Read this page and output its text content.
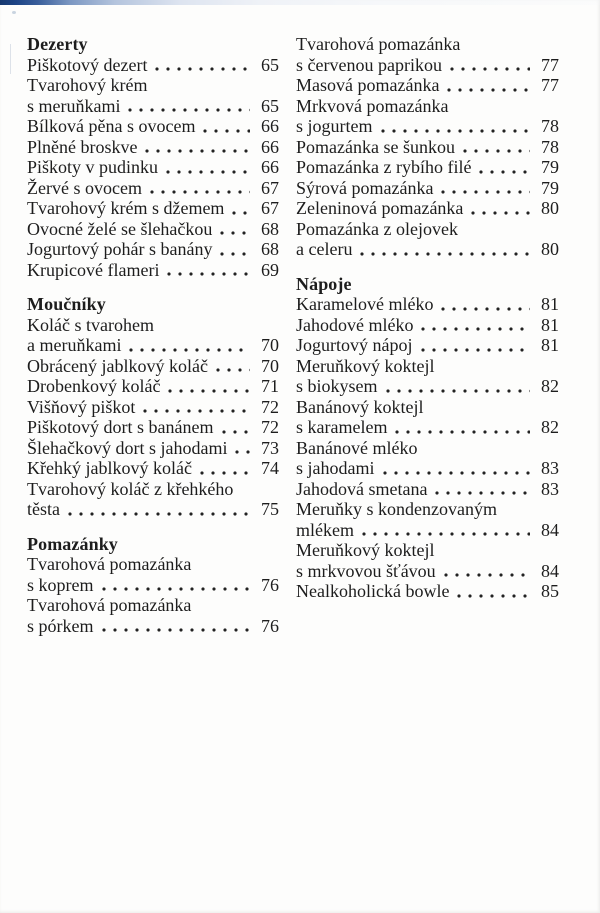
Dezerty
Piškotový dezert	65
Tvarohový krém
s meruňkami	65
Bílková pěna s ovocem	66
Plněné broskve	66
Piškoty v pudinku	66
Žervé s ovocem	67
Tvarohový krém s džemem 67
Ovocné želé se šlehačkou	68
Jogurtový pohár s banány	68
Krupicové flameri	69
Moučníky
Koláč s tvarohem
a meruňkami	70
Obrácený jablkový koláč	70
Drobenkový koláč	71
Višňový piškot	72
Piškotový dort s banánem	72
Šlehačkový dort s jahodami 73
Křehký jablkový koláč	74
Tvarohový koláč z křehkého
těsta	75
Pomazánky
Tvarohová pomazánka
s koprem	76
Tvarohová pomazánka
s pórkem	76
Tvarohová pomazánka
s červenou paprikou	77
Masová pomazánka	77
Mrkvová pomazánka
s jogurtem	78
Pomazánka se šunkou	78
Pomazánka z rybího filé	79
Sýrová pomazánka	79
Zeleninová pomazánka	80
Pomazánka z olejovek
a celeru	80
Nápoje
Karamelové mléko	81
Jahodové mléko	81
Jogurtový nápoj	81
Meruňkový koktejl
s biokysem	82
Banánový koktejl
s karamelem	82
Banánové mléko
s jahodami	83
Jahodová smetana	83
Meruňky s kondenzovaným
mlékem	84
Meruňkový koktejl
s mrkvovou šťávou	84
Nealkoholická bowle	85
